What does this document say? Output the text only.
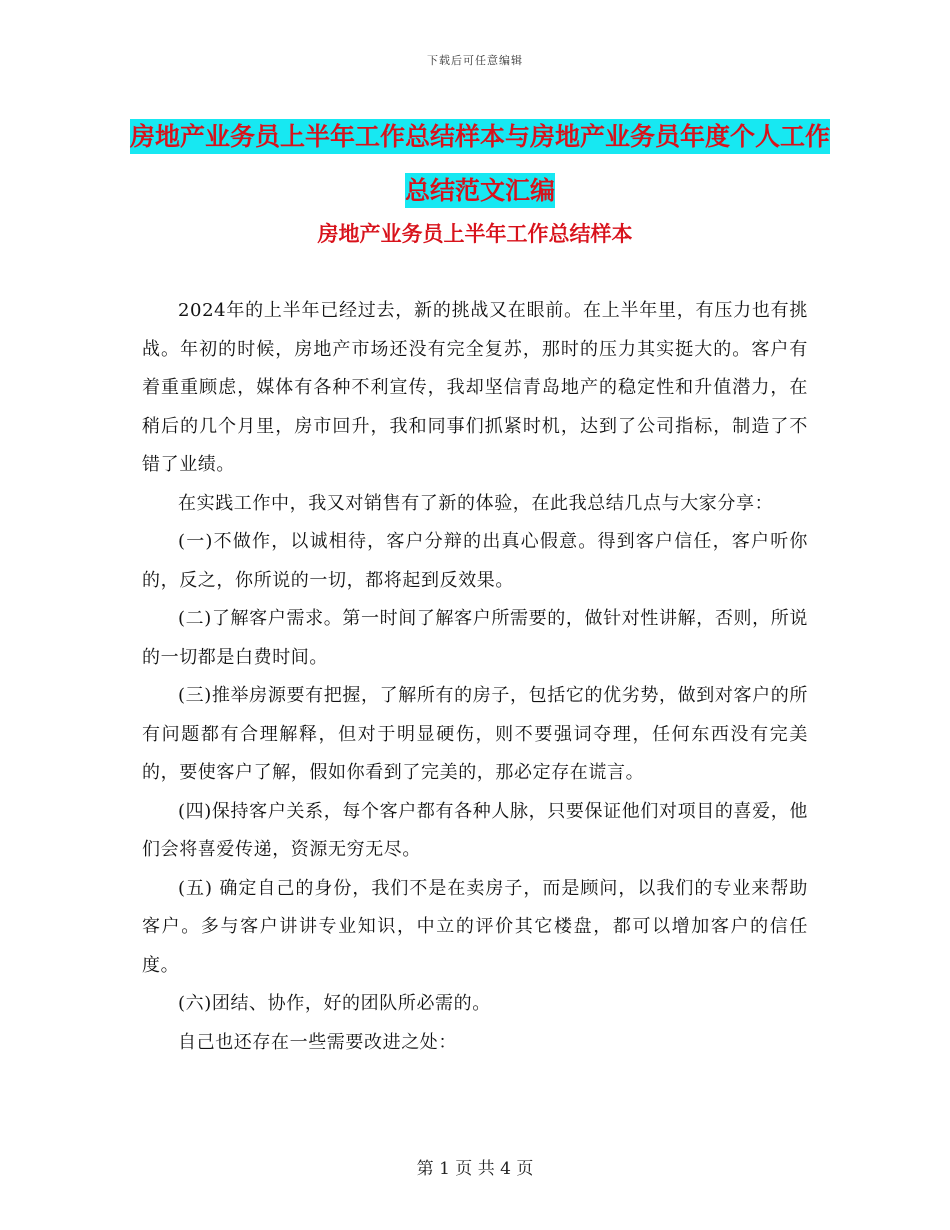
下载后可任意编辑
房地产业务员上半年工作总结样本与房地产业务员年度个人工作总结范文汇编
房地产业务员上半年工作总结样本

2024年的上半年已经过去，新的挑战又在眼前。在上半年里，有压力也有挑战。年初的时候，房地产市场还没有完全复苏，那时的压力其实挺大的。客户有着重重顾虑，媒体有各种不利宣传，我却坚信青岛地产的稳定性和升值潜力，在稍后的几个月里，房市回升，我和同事们抓紧时机，达到了公司指标，制造了不错了业绩。

在实践工作中，我又对销售有了新的体验，在此我总结几点与大家分享：

(一)不做作，以诚相待，客户分辩的出真心假意。得到客户信任，客户听你的，反之，你所说的一切，都将起到反效果。

(二)了解客户需求。第一时间了解客户所需要的，做针对性讲解，否则，所说的一切都是白费时间。

(三)推举房源要有把握，了解所有的房子，包括它的优劣势，做到对客户的所有问题都有合理解释，但对于明显硬伤，则不要强词夺理，任何东西没有完美的，要使客户了解，假如你看到了完美的，那必定存在谎言。

(四)保持客户关系，每个客户都有各种人脉，只要保证他们对项目的喜爱，他们会将喜爱传递，资源无穷无尽。

(五) 确定自己的身份，我们不是在卖房子，而是顾问，以我们的专业来帮助客户。多与客户讲讲专业知识，中立的评价其它楼盘，都可以增加客户的信任度。

(六)团结、协作，好的团队所必需的。

自己也还存在一些需要改进之处：

第 1 页 共 4 页
